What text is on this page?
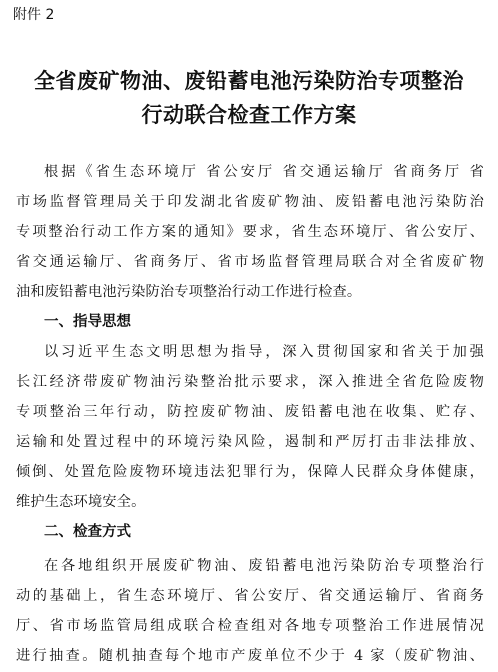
附件 2
全省废矿物油、废铅蓄电池污染防治专项整治
行动联合检查工作方案
根据《省生态环境厅 省公安厅 省交通运输厅 省商务厅 省
市场监督管理局关于印发湖北省废矿物油、废铅蓄电池污染防治
专项整治行动工作方案的通知》要求，省生态环境厅、省公安厅、
省交通运输厅、省商务厅、省市场监督管理局联合对全省废矿物
油和废铅蓄电池污染防治专项整治行动工作进行检查。
一、指导思想
以习近平生态文明思想为指导，深入贯彻国家和省关于加强
长江经济带废矿物油污染整治批示要求，深入推进全省危险废物
专项整治三年行动，防控废矿物油、废铅蓄电池在收集、贮存、
运输和处置过程中的环境污染风险，遏制和严厉打击非法排放、
倾倒、处置危险废物环境违法犯罪行为，保障人民群众身体健康，
维护生态环境安全。
二、检查方式
在各地组织开展废矿物油、废铅蓄电池污染防治专项整治行
动的基础上，省生态环境厅、省公安厅、省交通运输厅、省商务
厅、省市场监管局组成联合检查组对各地专项整治工作进展情况
进行抽查。随机抽查每个地市产废单位不少于 4 家（废矿物油、
